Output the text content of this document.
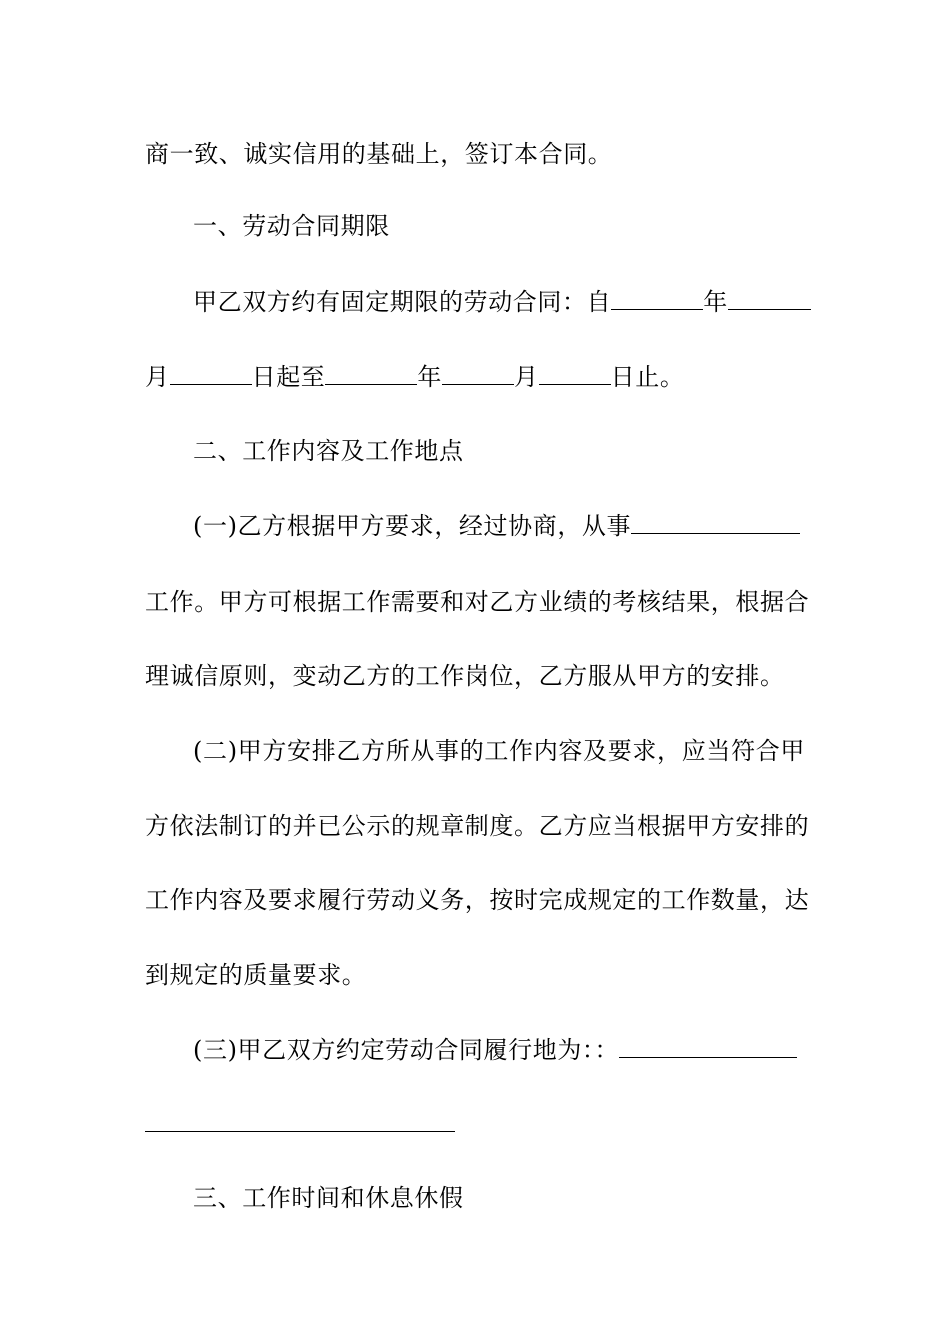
商一致、诚实信用的基础上，签订本合同。
一、劳动合同期限
甲乙双方约有固定期限的劳动合同：自	年
月	日起至	年	月	日止。
二、工作内容及工作地点
(一)乙方根据甲方要求，经过协商，从事
工作。甲方可根据工作需要和对乙方业绩的考核结果，根据合
理诚信原则，变动乙方的工作岗位，乙方服从甲方的安排。
(二)甲方安排乙方所从事的工作内容及要求，应当符合甲
方依法制订的并已公示的规章制度。乙方应当根据甲方安排的
工作内容及要求履行劳动义务，按时完成规定的工作数量，达
到规定的质量要求。
(三)甲乙双方约定劳动合同履行地为：：
三、工作时间和休息休假
